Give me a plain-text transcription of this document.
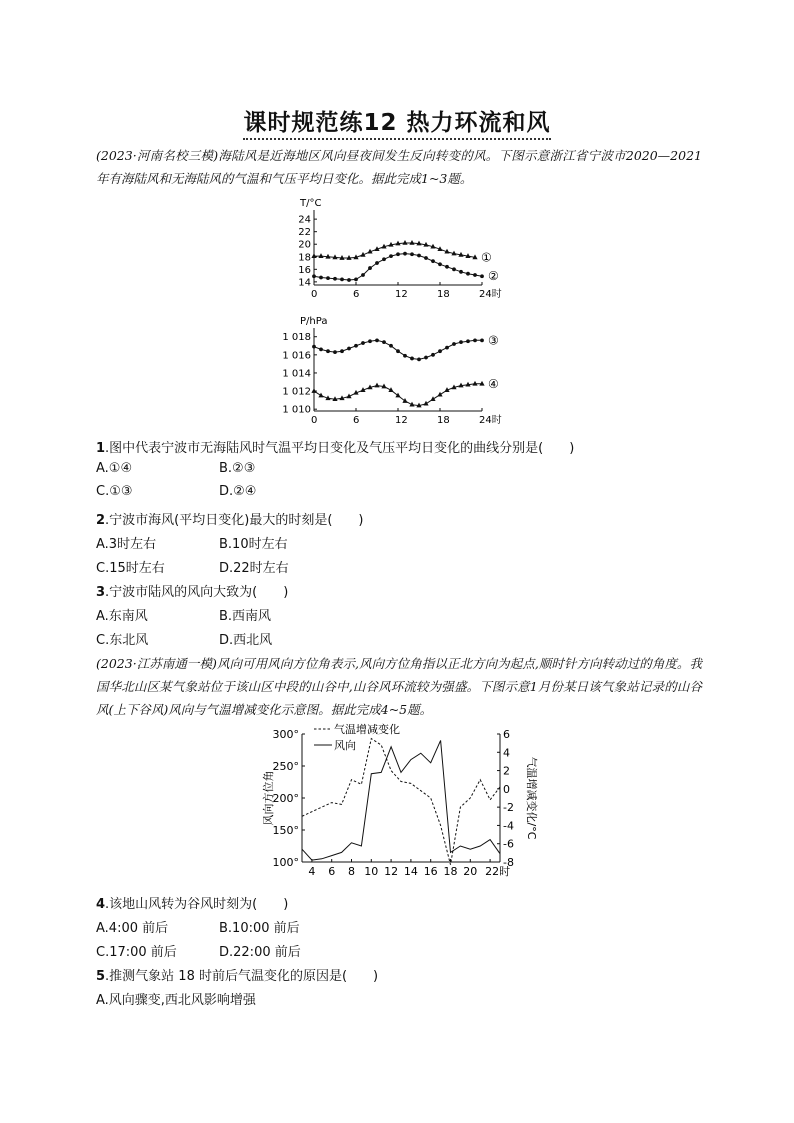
课时规范练12 热力环流和风
(2023·河南名校三模)海陆风是近海地区风向昼夜间发生反向转变的风。下图示意浙江省宁波市2020—2021年有海陆风和无海陆风的气温和气压平均日变化。据此完成1~3题。
T/°C
14
16
18
20
22
24
0	6	12	18	24时
①
②
P/hPa
1 010
1 012
1 014
1 016
1 018
0	6	12	18	24时
③
④
1.图中代表宁波市无海陆风时气温平均日变化及气压平均日变化的曲线分别是(　　)
A.①④	B.②③
C.①③	D.②④
2.宁波市海风(平均日变化)最大的时刻是(　　)
A.3时左右	B.10时左右
C.15时左右	D.22时左右
3.宁波市陆风的风向大致为(　　)
A.东南风	B.西南风
C.东北风	D.西北风
(2023·江苏南通一模)风向可用风向方位角表示,风向方位角指以正北方向为起点,顺时针方向转动过的角度。我国华北山区某气象站位于该山区中段的山谷中,山谷风环流较为强盛。下图示意1月份某日该气象站记录的山谷风(上下谷风)风向与气温增减变化示意图。据此完成4~5题。
风向方位角	气温增减变化/°C
100°
150°
200°
250°
300°
-8
-6
-4
-2
0
2
4
6
4 6 8 10 12 14 16 18 20 22时
气温增减变化
风向
4.该地山风转为谷风时刻为(　　)
A.4:00 前后	B.10:00 前后
C.17:00 前后	D.22:00 前后
5.推测气象站 18 时前后气温变化的原因是(　　)
A.风向骤变,西北风影响增强
